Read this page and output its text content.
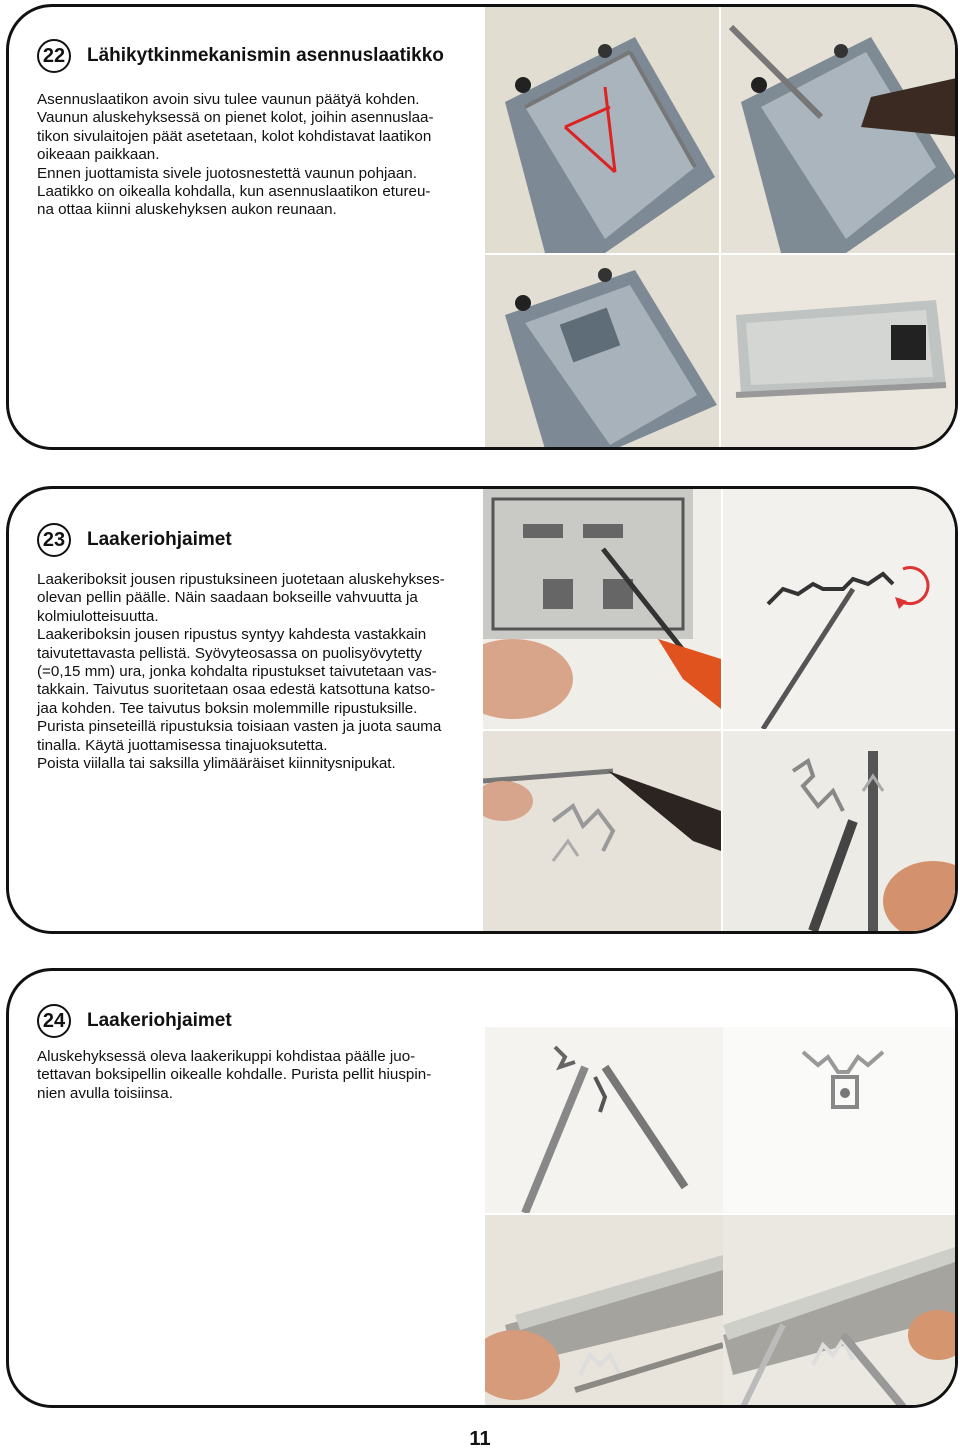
22	Lähikytkinmekanismin asennuslaatikko

Asennuslaatikon avoin sivu tulee vaunun päätyä kohden.

Vaunun aluskehyksessä on pienet kolot, joihin asennuslaa-

tikon sivulaitojen päät asetetaan, kolot kohdistavat laatikon

oikeaan paikkaan.

Ennen juottamista sivele juotosnestettä vaunun pohjaan.

Laatikko on oikealla kohdalla, kun asennuslaatikon etureu-

na ottaa kiinni aluskehyksen aukon reunaan.

23	Laakeriohjaimet

Laakeriboksit jousen ripustuksineen juotetaan aluskehykses-

olevan pellin päälle. Näin saadaan bokseille vahvuutta ja

kolmiulotteisuutta.

Laakeriboksin jousen ripustus syntyy kahdesta vastakkain

taivutettavasta pellistä. Syövyteosassa on puolisyövytetty

(=0,15 mm) ura, jonka kohdalta ripustukset taivutetaan vas-

takkain. Taivutus suoritetaan osaa edestä katsottuna katso-

jaa kohden. Tee taivutus boksin molemmille ripustuksille.

Purista pinseteillä ripustuksia toisiaan vasten ja juota sauma

tinalla. Käytä juottamisessa tinajuoksutetta.

Poista viilalla tai saksilla ylimääräiset kiinnitysnipukat.

24	Laakeriohjaimet

Aluskehyksessä oleva laakerikuppi kohdistaa päälle juo-

tettavan boksipellin oikealle kohdalle. Purista pellit hiuspin-

nien avulla toisiinsa.

11
